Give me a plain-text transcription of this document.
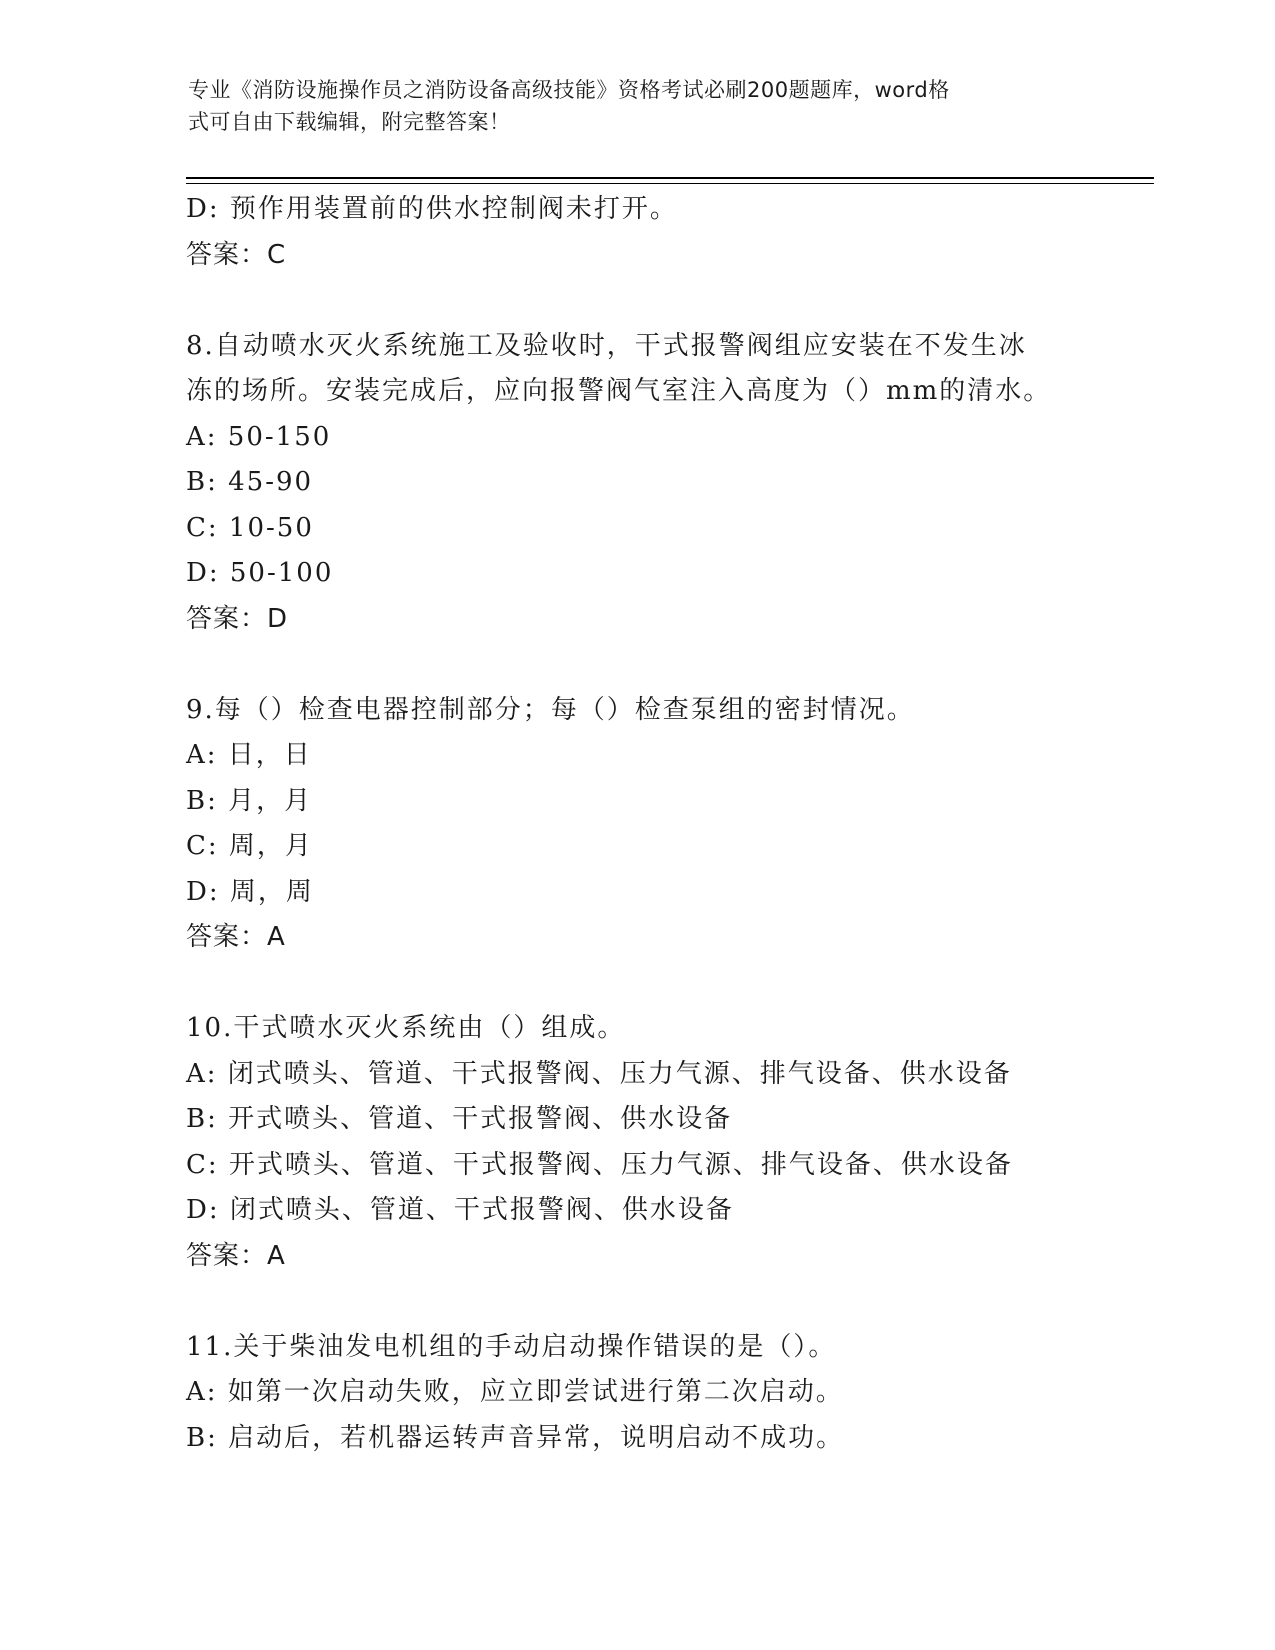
专业《消防设施操作员之消防设备高级技能》资格考试必刷200题题库，word格
式可自由下载编辑，附完整答案！
D: 预作用装置前的供水控制阀未打开。
答案：C
8.自动喷水灭火系统施工及验收时，干式报警阀组应安装在不发生冰
冻的场所。安装完成后，应向报警阀气室注入高度为（）mm的清水。
A: 50-150
B: 45-90
C: 10-50
D: 50-100
答案：D
9.每（）检查电器控制部分；每（）检查泵组的密封情况。
A: 日，日
B: 月，月
C: 周，月
D: 周，周
答案：A
10.干式喷水灭火系统由（）组成。
A: 闭式喷头、管道、干式报警阀、压力气源、排气设备、供水设备
B: 开式喷头、管道、干式报警阀、供水设备
C: 开式喷头、管道、干式报警阀、压力气源、排气设备、供水设备
D: 闭式喷头、管道、干式报警阀、供水设备
答案：A
11.关于柴油发电机组的手动启动操作错误的是（）。
A: 如第一次启动失败，应立即尝试进行第二次启动。
B: 启动后，若机器运转声音异常，说明启动不成功。
